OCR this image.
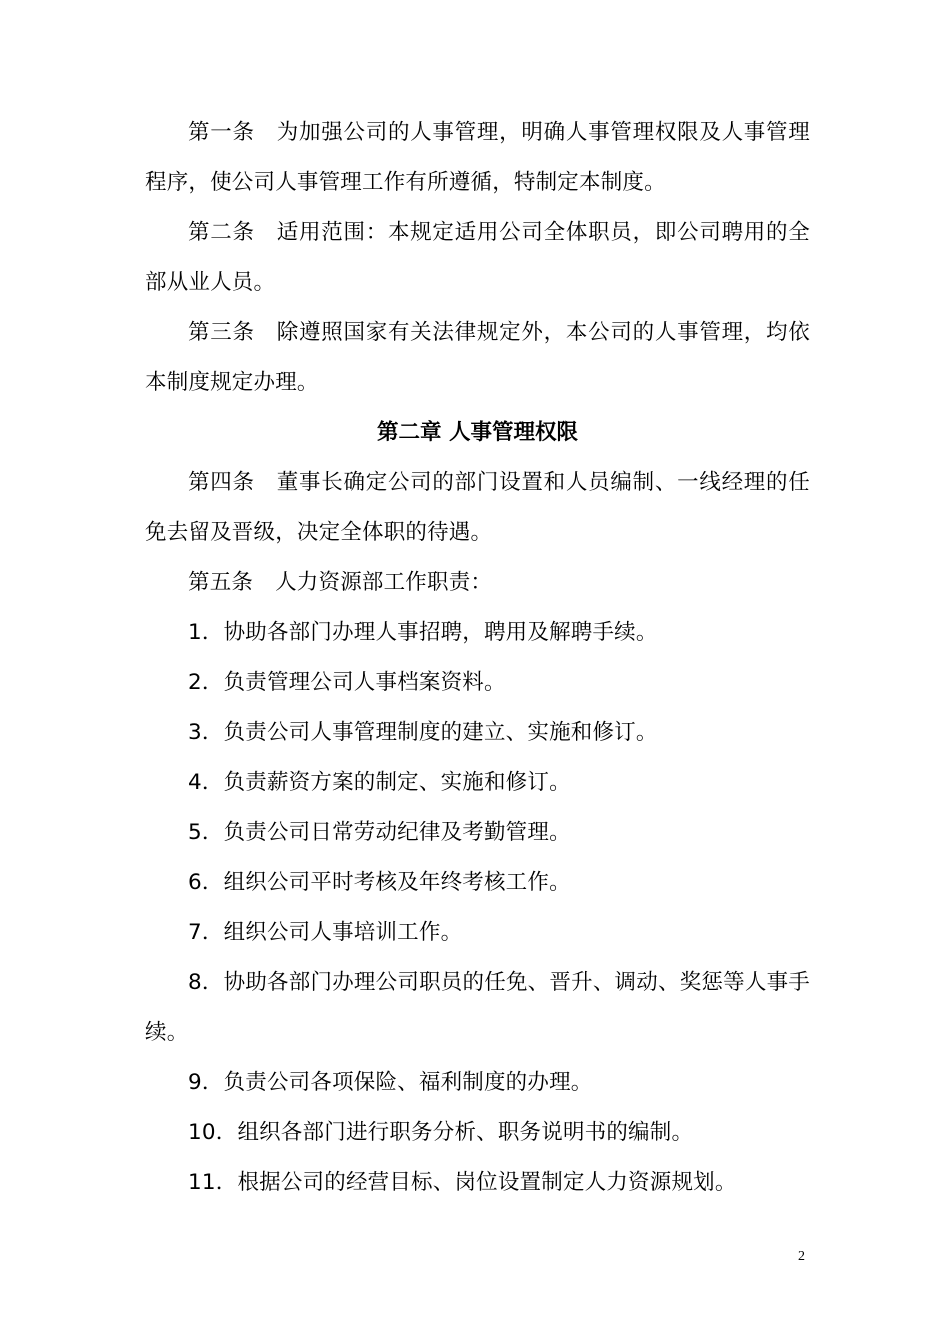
第一条 为加强公司的人事管理，明确人事管理权限及人事管理程序，使公司人事管理工作有所遵循，特制定本制度。

第二条 适用范围：本规定适用公司全体职员，即公司聘用的全部从业人员。

第三条 除遵照国家有关法律规定外，本公司的人事管理，均依本制度规定办理。

第二章 人事管理权限

第四条 董事长确定公司的部门设置和人员编制、一线经理的任免去留及晋级，决定全体职的待遇。

第五条 人力资源部工作职责：

1．协助各部门办理人事招聘，聘用及解聘手续。

2．负责管理公司人事档案资料。

3．负责公司人事管理制度的建立、实施和修订。

4．负责薪资方案的制定、实施和修订。

5．负责公司日常劳动纪律及考勤管理。

6．组织公司平时考核及年终考核工作。

7．组织公司人事培训工作。

8．协助各部门办理公司职员的任免、晋升、调动、奖惩等人事手续。

9．负责公司各项保险、福利制度的办理。

10．组织各部门进行职务分析、职务说明书的编制。

11．根据公司的经营目标、岗位设置制定人力资源规划。

2
